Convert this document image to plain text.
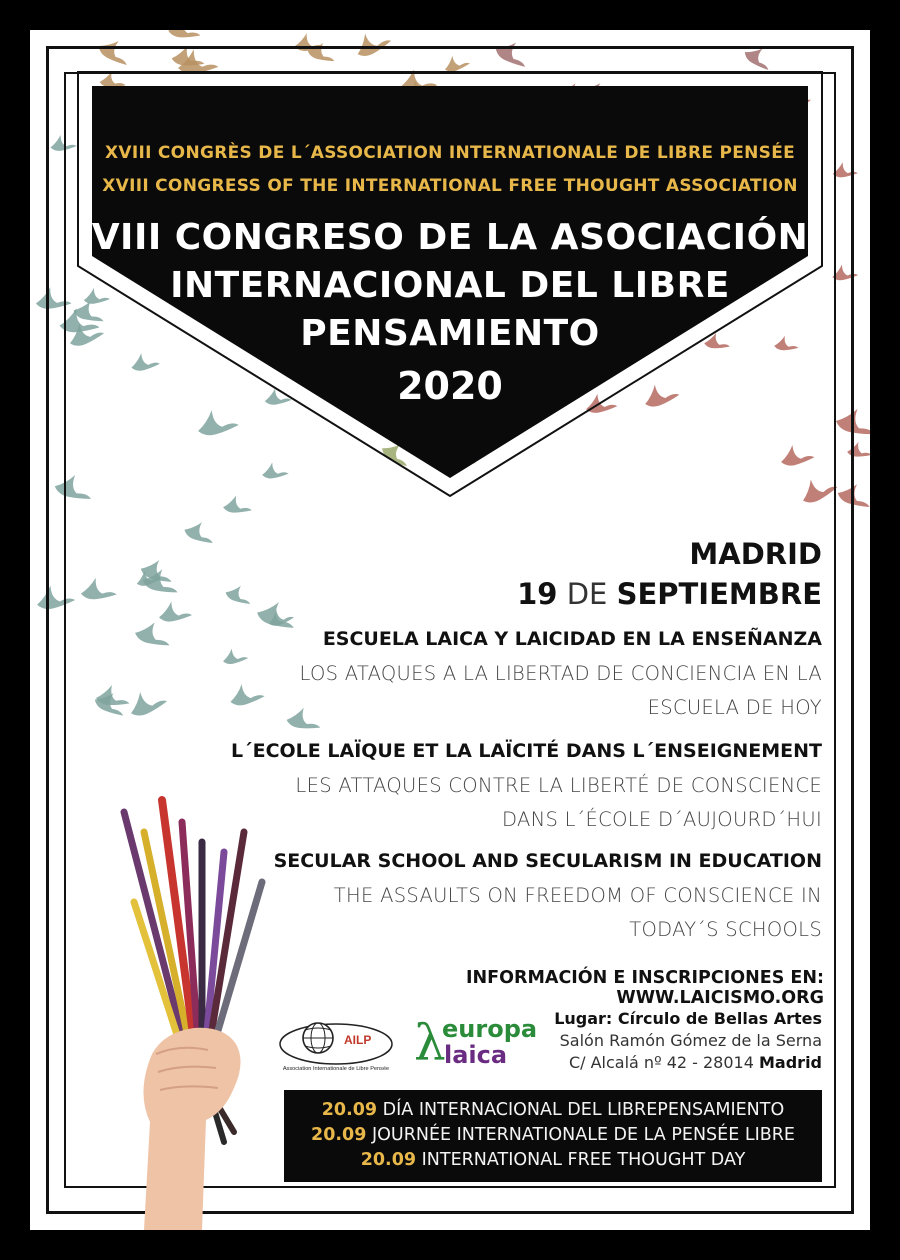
XVIII CONGRÈS DE L´ASSOCIATION INTERNATIONALE DE LIBRE PENSÉE
XVIII CONGRESS OF THE INTERNATIONAL FREE THOUGHT ASSOCIATION
VIII CONGRESO DE LA ASOCIACIÓN
INTERNACIONAL DEL LIBRE
PENSAMIENTO
2020
MADRID
19 DE SEPTIEMBRE
ESCUELA LAICA Y LAICIDAD EN LA ENSEÑANZA
LOS ATAQUES A LA LIBERTAD DE CONCIENCIA EN LA ESCUELA DE HOY
L´ECOLE LAÏQUE ET LA LAÏCITÉ DANS L´ENSEIGNEMENT
LES ATTAQUES CONTRE LA LIBERTÉ DE CONSCIENCE DANS L´ÉCOLE D´AUJOURD´HUI
SECULAR SCHOOL AND SECULARISM IN EDUCATION
THE ASSAULTS ON FREEDOM OF CONSCIENCE IN TODAY´S SCHOOLS
INFORMACIÓN E INSCRIPCIONES EN: WWW.LAICISMO.ORG
AILP
Association Internationale de Libre Pensée λ
europa
laica
Lugar: Círculo de Bellas Artes
Salón Ramón Gómez de la Serna
C/ Alcalá nº 42 - 28014 Madrid
20.09 DÍA INTERNACIONAL DEL LIBREPENSAMIENTO
20.09 JOURNÉE INTERNATIONALE DE LA PENSÉE LIBRE
20.09 INTERNATIONAL FREE THOUGHT DAY
